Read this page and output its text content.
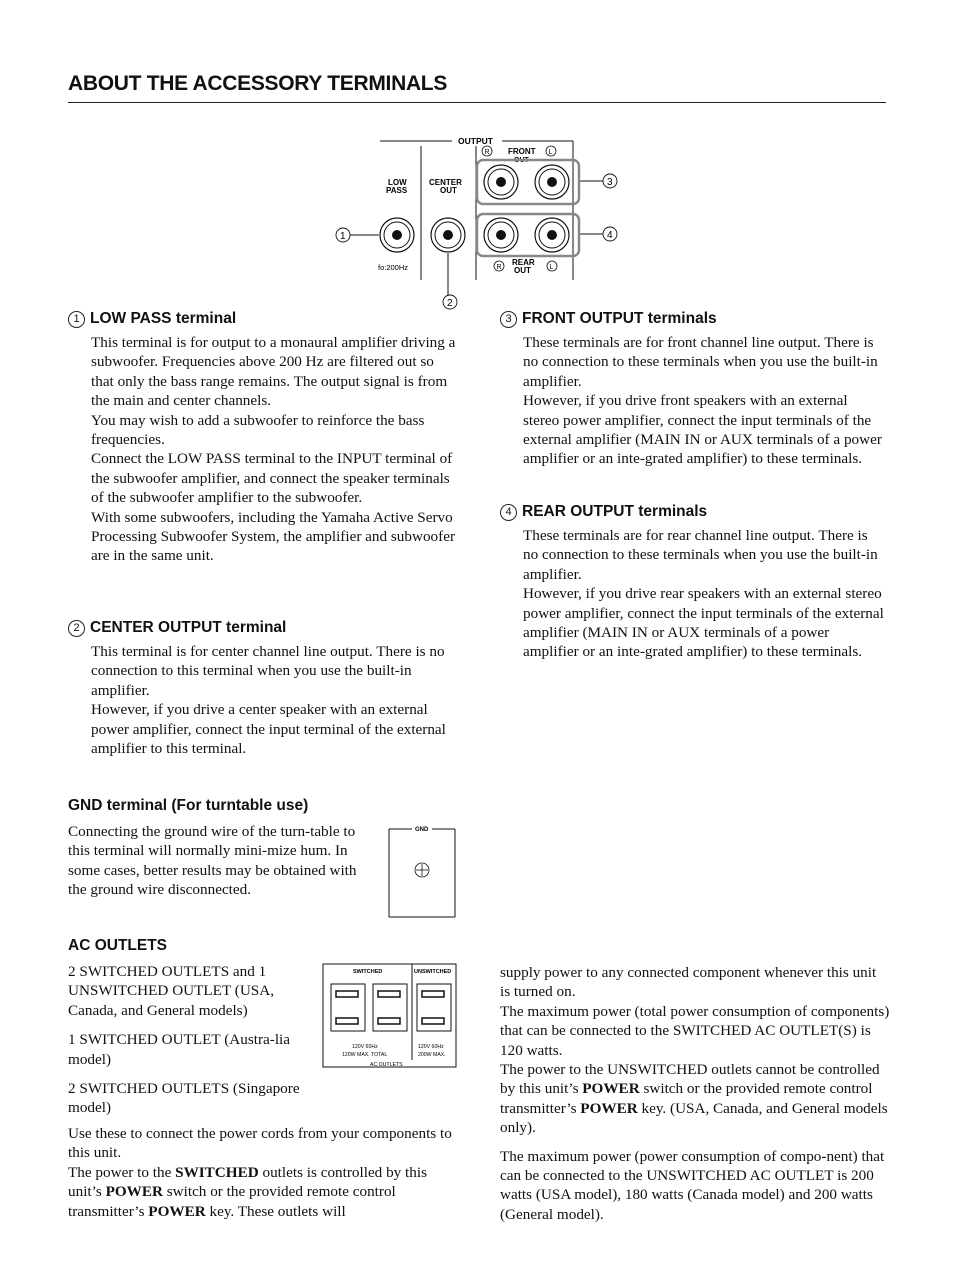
ABOUT THE ACCESSORY TERMINALS
OUTPUT
R FRONT
OUT
L
LOW
PASS
CENTER
OUT
R
REAR
OUT	L
fo:200Hz
1
2
3
4
1 LOW PASS terminal

This terminal is for output to a monaural amplifier driving a subwoofer. Frequencies above 200 Hz are filtered out so that only the bass range remains. The output signal is from the main and center channels.

You may wish to add a subwoofer to reinforce the bass frequencies.

Connect the LOW PASS terminal to the INPUT terminal of the subwoofer amplifier, and connect the speaker terminals of the subwoofer amplifier to the subwoofer.

With some subwoofers, including the Yamaha Active Servo Processing Subwoofer System, the amplifier and subwoofer are in the same unit.

2 CENTER OUTPUT terminal

This terminal is for center channel line output. There is no connection to this terminal when you use the built-in amplifier.

However, if you drive a center speaker with an external power amplifier, connect the input terminal of the external amplifier to this terminal.

3 FRONT OUTPUT terminals

These terminals are for front channel line output. There is no connection to these terminals when you use the built-in amplifier.

However, if you drive front speakers with an external stereo power amplifier, connect the input terminals of the external amplifier (MAIN IN or AUX terminals of a power amplifier or an inte-grated amplifier) to these terminals.

4 REAR OUTPUT terminals

These terminals are for rear channel line output. There is no connection to these terminals when you use the built-in amplifier.

However, if you drive rear speakers with an external stereo power amplifier, connect the input terminals of the external amplifier (MAIN IN or AUX terminals of a power amplifier or an inte-grated amplifier) to these terminals.

GND terminal (For turntable use)
Connecting the ground wire of the turn-table to this terminal will normally mini-mize hum. In some cases, better results may be obtained with the ground wire disconnected.
GND
AC OUTLETS

2 SWITCHED OUTLETS and 1 UNSWITCHED OUTLET (USA, Canada, and General models)

1 SWITCHED OUTLET (Austra-lia model)

2 SWITCHED OUTLETS (Singapore model)

SWITCHED	UNSWITCHED
120V 60Hz
120W MAX. TOTAL
120V 60Hz
200W MAX.
AC OUTLETS

Use these to connect the power cords from your components to this unit.

The power to the SWITCHED outlets is controlled by this unit’s POWER switch or the provided remote control transmitter’s POWER key. These outlets will

supply power to any connected component whenever this unit is turned on.

The maximum power (total power consumption of components) that can be connected to the SWITCHED AC OUTLET(S) is 120 watts.

The power to the UNSWITCHED outlets cannot be controlled by this unit’s POWER switch or the provided remote control transmitter’s POWER key. (USA, Canada, and General models only).

The maximum power (power consumption of compo-nent) that can be connected to the UNSWITCHED AC OUTLET is 200 watts (USA model), 180 watts (Canada model) and 200 watts (General model).
